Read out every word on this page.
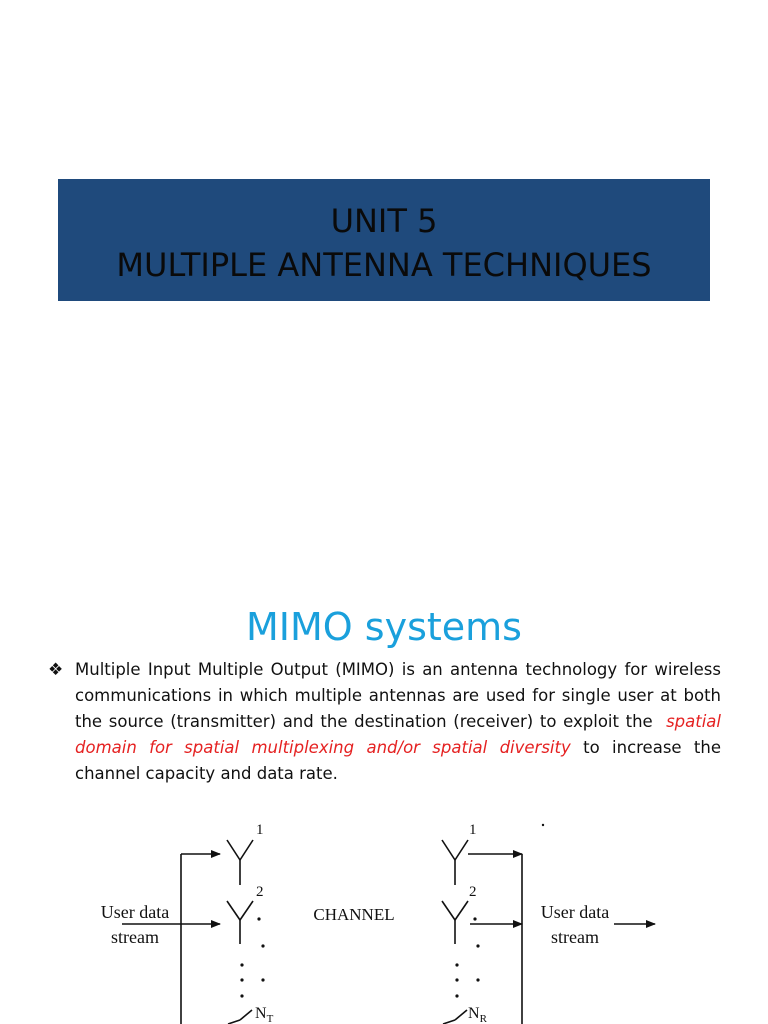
UNIT 5
MULTIPLE ANTENNA TECHNIQUES
MIMO systems
❖ Multiple Input Multiple Output (MIMO) is an antenna technology for wireless communications in which multiple antennas are used for single user at both the source (transmitter) and the destination (receiver) to exploit the spatial domain for spatial multiplexing and/or spatial diversity to increase the channel capacity and data rate.
User data
stream
CHANNEL	User data
stream
1
2
$N_T$
1
2
$N_R$
